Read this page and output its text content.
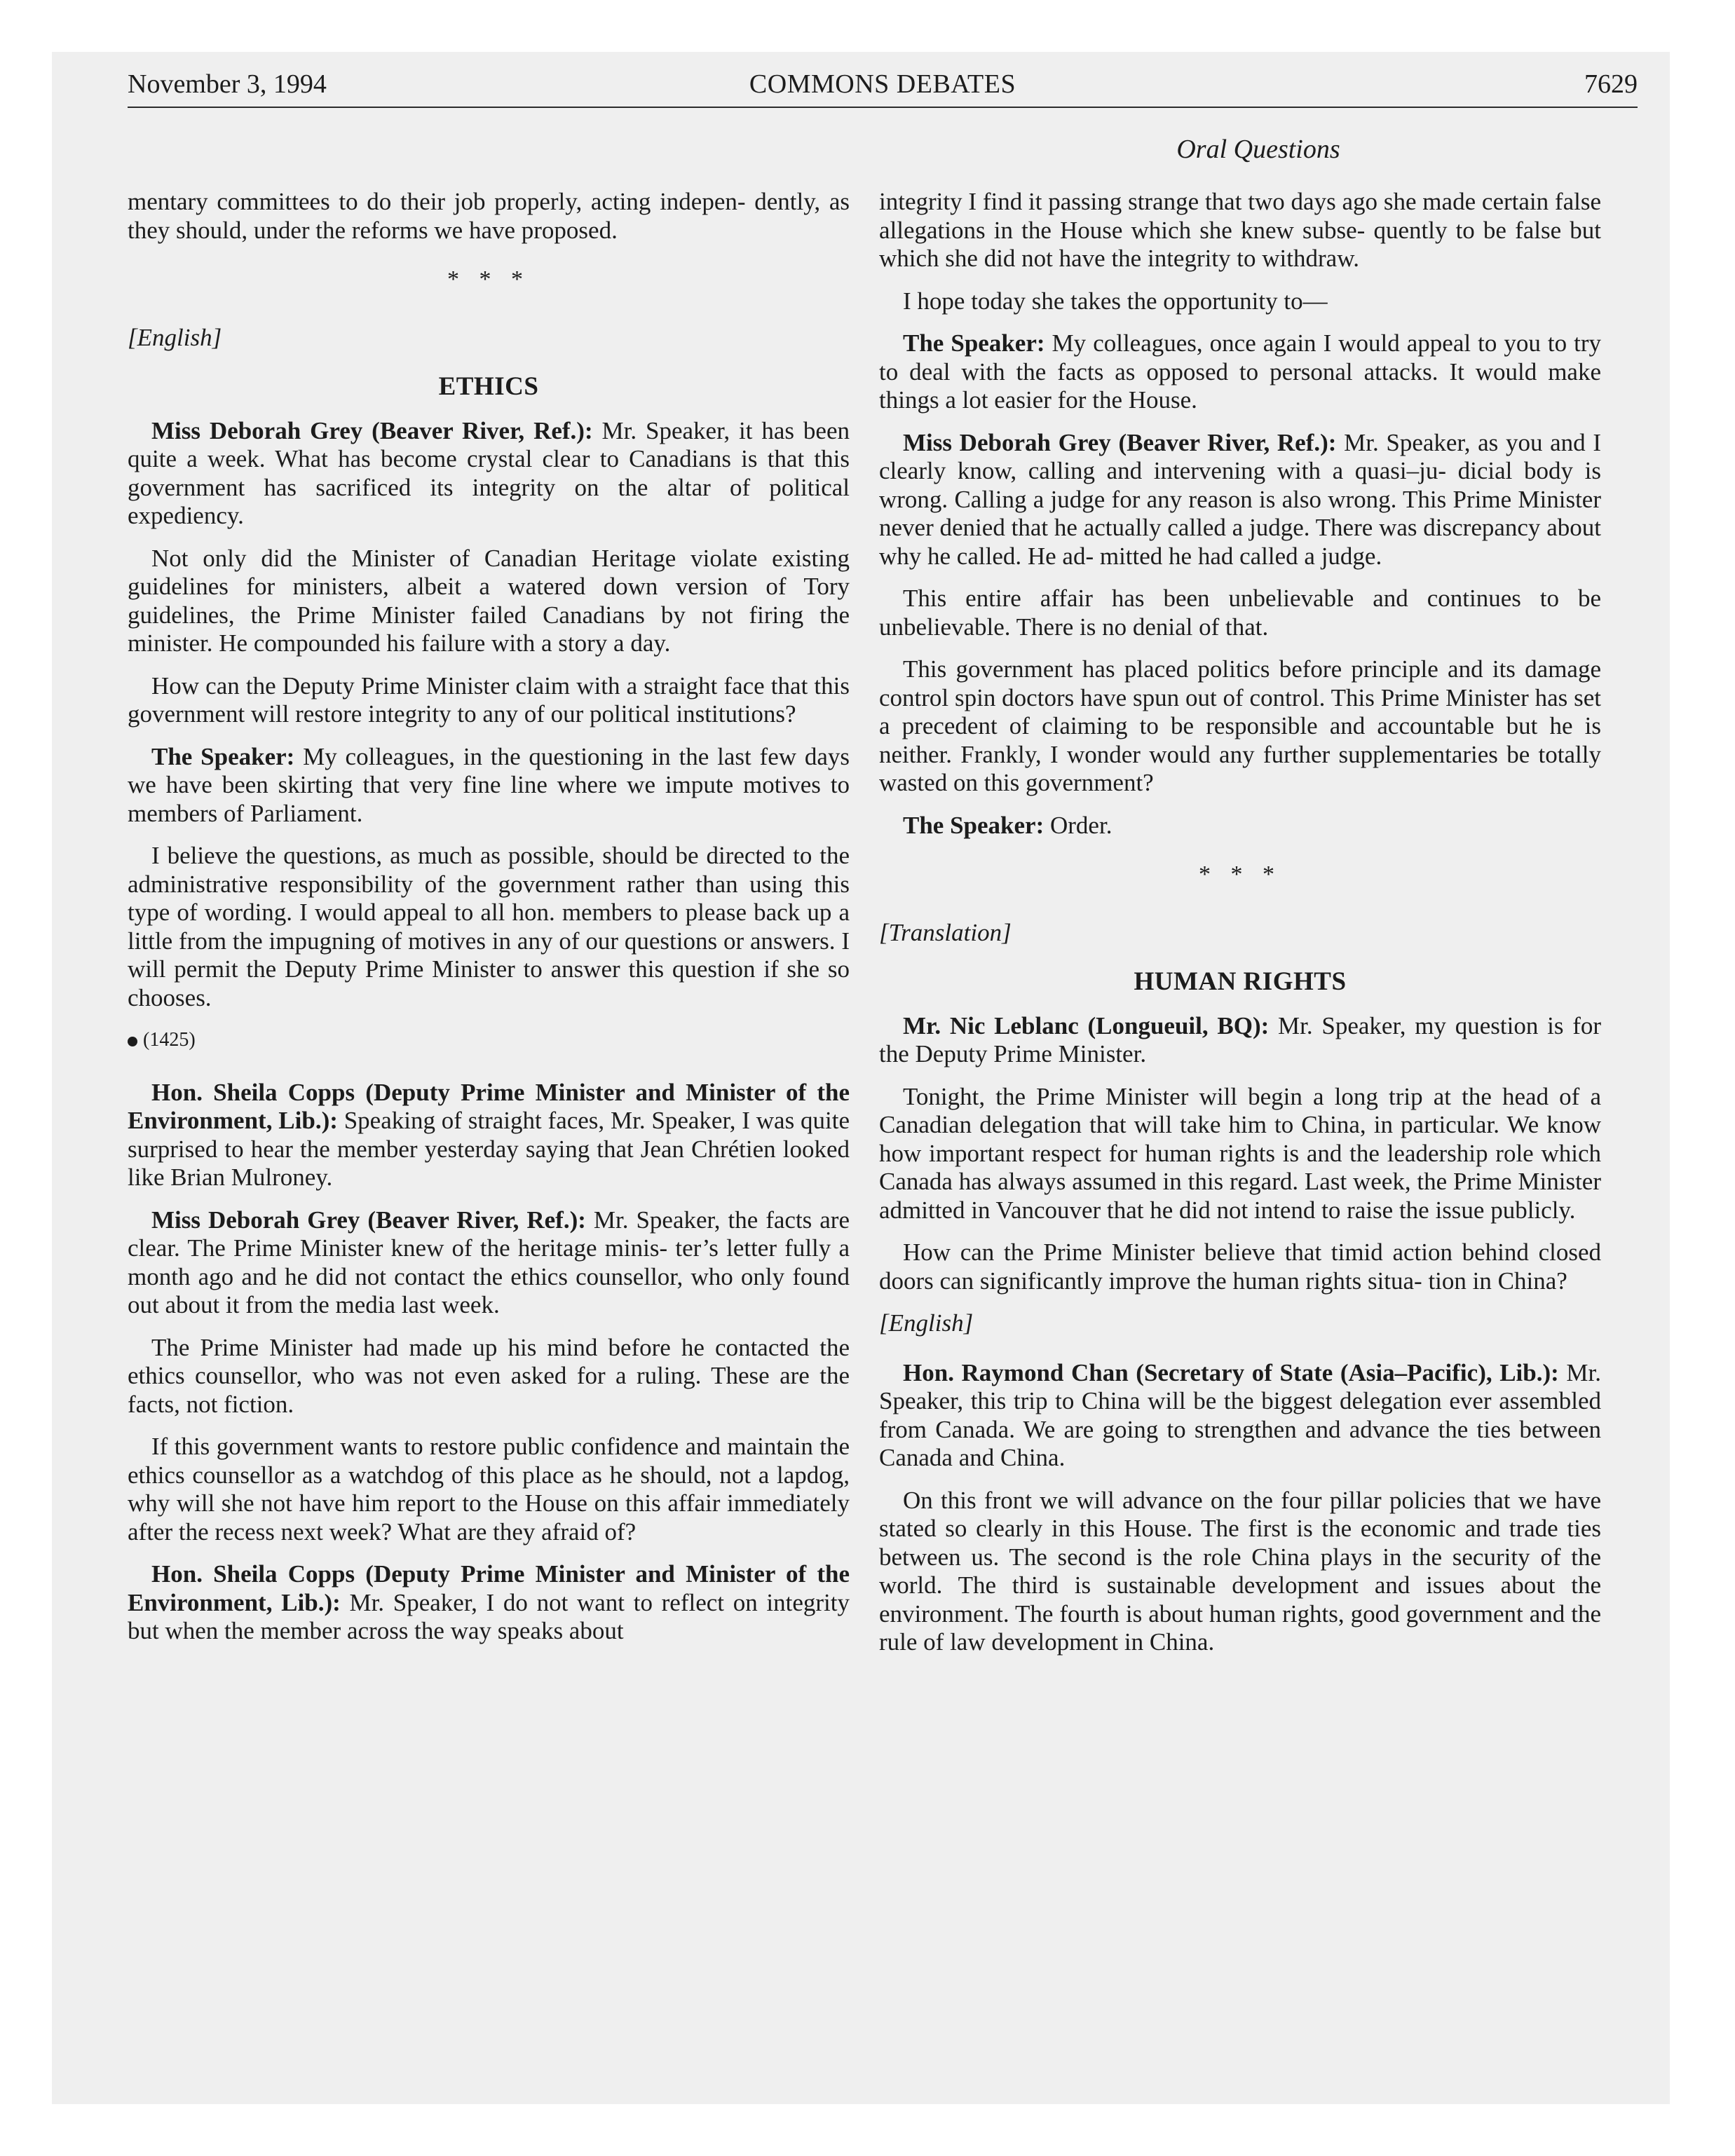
November 3, 1994	COMMONS DEBATES	7629
Oral Questions

mentary committees to do their job properly, acting indepen- dently, as they should, under the reforms we have proposed.

* * *

[English]

ETHICS

Miss Deborah Grey (Beaver River, Ref.): Mr. Speaker, it has been quite a week. What has become crystal clear to Canadians is that this government has sacrificed its integrity on the altar of political expediency.

Not only did the Minister of Canadian Heritage violate existing guidelines for ministers, albeit a watered down version of Tory guidelines, the Prime Minister failed Canadians by not firing the minister. He compounded his failure with a story a day.

How can the Deputy Prime Minister claim with a straight face that this government will restore integrity to any of our political institutions?

The Speaker: My colleagues, in the questioning in the last few days we have been skirting that very fine line where we impute motives to members of Parliament.

I believe the questions, as much as possible, should be directed to the administrative responsibility of the government rather than using this type of wording. I would appeal to all hon. members to please back up a little from the impugning of motives in any of our questions or answers. I will permit the Deputy Prime Minister to answer this question if she so chooses.

(1425)

Hon. Sheila Copps (Deputy Prime Minister and Minister of the Environment, Lib.): Speaking of straight faces, Mr. Speaker, I was quite surprised to hear the member yesterday saying that Jean Chrétien looked like Brian Mulroney.

Miss Deborah Grey (Beaver River, Ref.): Mr. Speaker, the facts are clear. The Prime Minister knew of the heritage minis- ter’s letter fully a month ago and he did not contact the ethics counsellor, who only found out about it from the media last week.

The Prime Minister had made up his mind before he contacted the ethics counsellor, who was not even asked for a ruling. These are the facts, not fiction.

If this government wants to restore public confidence and maintain the ethics counsellor as a watchdog of this place as he should, not a lapdog, why will she not have him report to the House on this affair immediately after the recess next week? What are they afraid of?

Hon. Sheila Copps (Deputy Prime Minister and Minister of the Environment, Lib.): Mr. Speaker, I do not want to reflect on integrity but when the member across the way speaks about

integrity I find it passing strange that two days ago she made certain false allegations in the House which she knew subse- quently to be false but which she did not have the integrity to withdraw.

I hope today she takes the opportunity to—

The Speaker: My colleagues, once again I would appeal to you to try to deal with the facts as opposed to personal attacks. It would make things a lot easier for the House.

Miss Deborah Grey (Beaver River, Ref.): Mr. Speaker, as you and I clearly know, calling and intervening with a quasi–ju- dicial body is wrong. Calling a judge for any reason is also wrong. This Prime Minister never denied that he actually called a judge. There was discrepancy about why he called. He ad- mitted he had called a judge.

This entire affair has been unbelievable and continues to be unbelievable. There is no denial of that.

This government has placed politics before principle and its damage control spin doctors have spun out of control. This Prime Minister has set a precedent of claiming to be responsible and accountable but he is neither. Frankly, I wonder would any further supplementaries be totally wasted on this government?

The Speaker: Order.

* * *

[Translation]

HUMAN RIGHTS

Mr. Nic Leblanc (Longueuil, BQ): Mr. Speaker, my question is for the Deputy Prime Minister.

Tonight, the Prime Minister will begin a long trip at the head of a Canadian delegation that will take him to China, in particular. We know how important respect for human rights is and the leadership role which Canada has always assumed in this regard. Last week, the Prime Minister admitted in Vancouver that he did not intend to raise the issue publicly.

How can the Prime Minister believe that timid action behind closed doors can significantly improve the human rights situa- tion in China?

[English]

Hon. Raymond Chan (Secretary of State (Asia–Pacific), Lib.): Mr. Speaker, this trip to China will be the biggest delegation ever assembled from Canada. We are going to strengthen and advance the ties between Canada and China.

On this front we will advance on the four pillar policies that we have stated so clearly in this House. The first is the economic and trade ties between us. The second is the role China plays in the security of the world. The third is sustainable development and issues about the environment. The fourth is about human rights, good government and the rule of law development in China.
